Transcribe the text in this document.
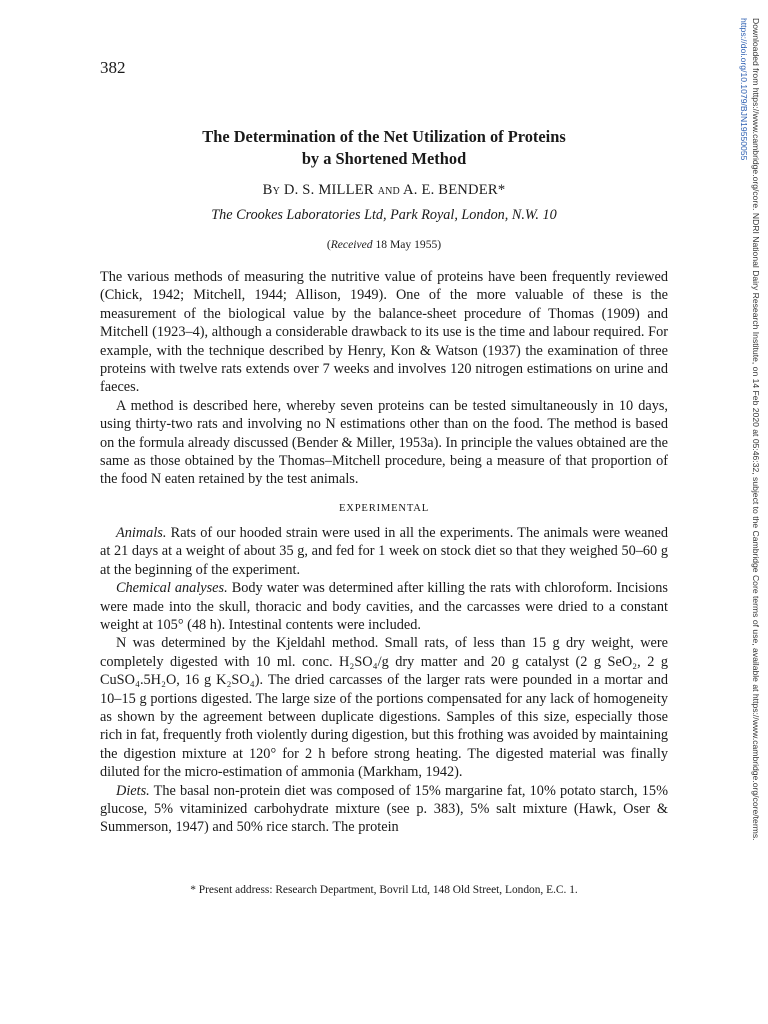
382	Downloaded from https://www.cambridge.org/core. NDRI National Dairy Research Institute, on 14 Feb 2020 at 05:46:32, subject to the Cambridge Core terms of use, available at https://www.cambridge.org/core/terms.
https://doi.org/10.1079/BJN19550055
The Determination of the Net Utilization of Proteins
by a Shortened Method
By D. S. MILLER and A. E. BENDER*
The Crookes Laboratories Ltd, Park Royal, London, N.W. 10
(Received 18 May 1955)

The various methods of measuring the nutritive value of proteins have been frequently reviewed (Chick, 1942; Mitchell, 1944; Allison, 1949). One of the more valuable of these is the measurement of the biological value by the balance-sheet procedure of Thomas (1909) and Mitchell (1923–4), although a considerable drawback to its use is the time and labour required. For example, with the technique described by Henry, Kon & Watson (1937) the examination of three proteins with twelve rats extends over 7 weeks and involves 120 nitrogen estimations on urine and faeces.

A method is described here, whereby seven proteins can be tested simultaneously in 10 days, using thirty-two rats and involving no N estimations other than on the food. The method is based on the formula already discussed (Bender & Miller, 1953a). In principle the values obtained are the same as those obtained by the Thomas–Mitchell procedure, being a measure of that proportion of the food N eaten retained by the test animals.

EXPERIMENTAL

Animals. Rats of our hooded strain were used in all the experiments. The animals were weaned at 21 days at a weight of about 35 g, and fed for 1 week on stock diet so that they weighed 50–60 g at the beginning of the experiment.

Chemical analyses. Body water was determined after killing the rats with chloroform. Incisions were made into the skull, thoracic and body cavities, and the carcasses were dried to a constant weight at 105° (48 h). Intestinal contents were included.

N was determined by the Kjeldahl method. Small rats, of less than 15 g dry weight, were completely digested with 10 ml. conc. H₂SO₄/g dry matter and 20 g catalyst (2 g SeO₂, 2 g CuSO₄.5H₂O, 16 g K₂SO₄). The dried carcasses of the larger rats were pounded in a mortar and 10–15 g portions digested. The large size of the portions compensated for any lack of homogeneity as shown by the agreement between duplicate digestions. Samples of this size, especially those rich in fat, frequently froth violently during digestion, but this frothing was avoided by maintaining the digestion mixture at 120° for 2 h before strong heating. The digested material was finally diluted for the micro-estimation of ammonia (Markham, 1942).

Diets. The basal non-protein diet was composed of 15% margarine fat, 10% potato starch, 15% glucose, 5% vitaminized carbohydrate mixture (see p. 383), 5% salt mixture (Hawk, Oser & Summerson, 1947) and 50% rice starch. The protein

* Present address: Research Department, Bovril Ltd, 148 Old Street, London, E.C. 1.
